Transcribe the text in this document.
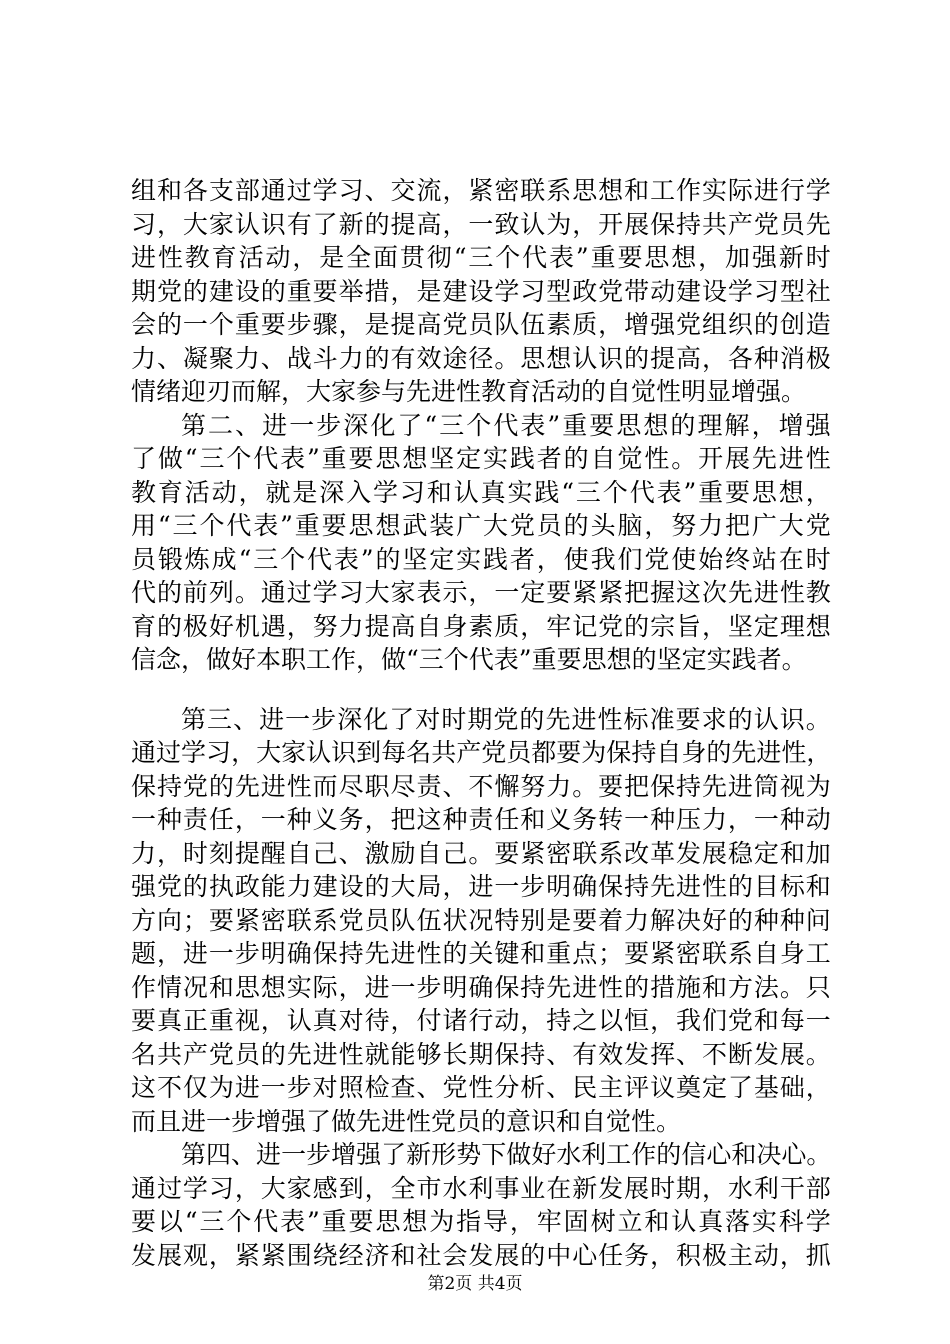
组 和 各 支 部 通 过 学 习 、 交 流 ， 紧 密 联 系 思 想 和 工 作 实 际 进 行 学
习 ， 大 家 认 识 有 了 新 的 提 高 ， 一 致 认 为 ， 开 展 保 持 共 产 党 员 先
进 性 教 育 活 动 ， 是 全 面 贯 彻 “ 三 个 代 表 ” 重 要 思 想 ， 加 强 新 时
期 党 的 建 设 的 重 要 举 措 ， 是 建 设 学 习 型 政 党 带 动 建 设 学 习 型 社
会 的 一 个 重 要 步 骤 ， 是 提 高 党 员 队 伍 素 质 ， 增 强 党 组 织 的 创 造
力 、 凝 聚 力 、 战 斗 力 的 有 效 途 径 。 思 想 认 识 的 提 高 ， 各 种 消 极
情绪迎刃而解，大家参与先进性教育活动的自觉性明显增强。
第 二 、 进 一 步 深 化 了 “ 三 个 代 表 ” 重 要 思 想 的 理 解 ， 增 强
了 做 “ 三 个 代 表 ” 重 要 思 想 坚 定 实 践 者 的 自 觉 性 。 开 展 先 进 性
教 育 活 动 ， 就 是 深 入 学 习 和 认 真 实 践 “ 三 个 代 表 ” 重 要 思 想 ，
用 “ 三 个 代 表 ” 重 要 思 想 武 装 广 大 党 员 的 头 脑 ， 努 力 把 广 大 党
员 锻 炼 成 “ 三 个 代 表 ” 的 坚 定 实 践 者 ， 使 我 们 党 使 始 终 站 在 时
代 的 前 列 。 通 过 学 习 大 家 表 示 ， 一 定 要 紧 紧 把 握 这 次 先 进 性 教
育 的 极 好 机 遇 ， 努 力 提 高 自 身 素 质 ， 牢 记 党 的 宗 旨 ， 坚 定 理 想
信念，做好本职工作，做“三个代表”重要思想的坚定实践者。
第 三 、 进 一 步 深 化 了 对 时 期 党 的 先 进 性 标 准 要 求 的 认 识 。
通 过 学 习 ， 大 家 认 识 到 每 名 共 产 党 员 都 要 为 保 持 自 身 的 先 进 性 ，
保 持 党 的 先 进 性 而 尽 职 尽 责 、 不 懈 努 力 。 要 把 保 持 先 进 筒 视 为
一 种 责 任 ， 一 种 义 务 ， 把 这 种 责 任 和 义 务 转 一 种 压 力 ， 一 种 动
力 ， 时 刻 提 醒 自 己 、 激 励 自 己 。 要 紧 密 联 系 改 革 发 展 稳 定 和 加
强 党 的 执 政 能 力 建 设 的 大 局 ， 进 一 步 明 确 保 持 先 进 性 的 目 标 和
方 向 ； 要 紧 密 联 系 党 员 队 伍 状 况 特 别 是 要 着 力 解 决 好 的 种 种 问
题 ， 进 一 步 明 确 保 持 先 进 性 的 关 键 和 重 点 ； 要 紧 密 联 系 自 身 工
作 情 况 和 思 想 实 际 ， 进 一 步 明 确 保 持 先 进 性 的 措 施 和 方 法 。 只
要 真 正 重 视 ， 认 真 对 待 ， 付 诸 行 动 ， 持 之 以 恒 ， 我 们 党 和 每 一
名 共 产 党 员 的 先 进 性 就 能 够 长 期 保 持 、 有 效 发 挥 、 不 断 发 展 。
这 不 仅 为 进 一 步 对 照 检 查 、 党 性 分 析 、 民 主 评 议 奠 定 了 基 础 ，
而且进一步增强了做先进性党员的意识和自觉性。
第 四 、 进 一 步 增 强 了 新 形 势 下 做 好 水 利 工 作 的 信 心 和 决 心 。
通 过 学 习 ， 大 家 感 到 ， 全 市 水 利 事 业 在 新 发 展 时 期 ， 水 利 干 部
要 以 “ 三 个 代 表 ” 重 要 思 想 为 指 导 ， 牢 固 树 立 和 认 真 落 实 科 学
发 展 观 ， 紧 紧 围 绕 经 济 和 社 会 发 展 的 中 心 任 务 ， 积 极 主 动 ， 抓
第2页 共4页
